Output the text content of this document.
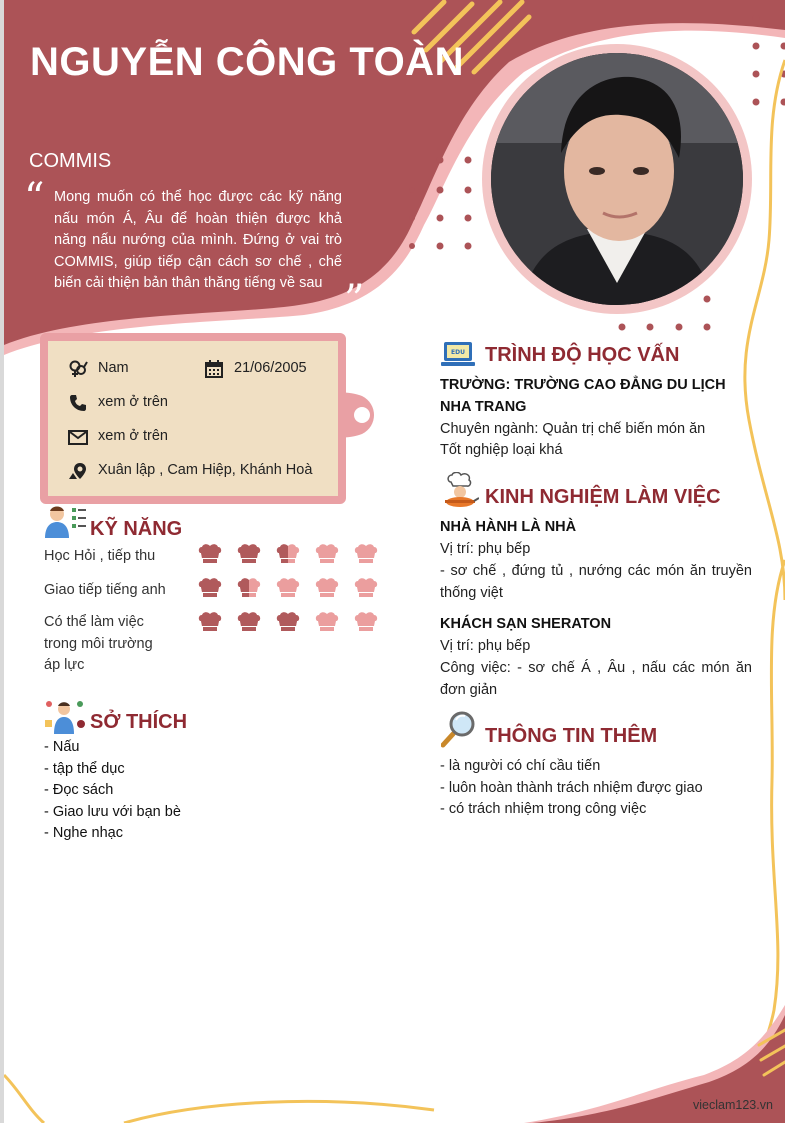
NGUYỄN CÔNG TOÀN
COMMIS
“ Mong muốn có thể học được các kỹ năng nấu món Á, Âu để hoàn thiện được khả năng nấu nướng của mình. Đứng ở vai trò COMMIS, giúp tiếp cận cách sơ chế , chế biến cải thiện bản thân thăng tiếng về sau ”
Nam	21/06/2005
xem ở trên
xem ở trên
Xuân lập , Cam Hiệp, Khánh Hoà
KỸ NĂNG
Học Hỏi , tiếp thu
Giao tiếp tiếng anh
Có thể làm việc trong môi trường áp lực
SỞ THÍCH
- Nấu
- tập thể dục
- Đọc sách
- Giao lưu với bạn bè
- Nghe nhạc
EDU TRÌNH ĐỘ HỌC VẤN
TRƯỜNG: TRƯỜNG CAO ĐẲNG DU LỊCH NHA TRANG
Chuyên ngành: Quản trị chế biến món ăn
Tốt nghiệp loại khá
KINH NGHIỆM LÀM VIỆC
NHÀ HÀNH LÀ NHÀ
Vị trí: phụ bếp
- sơ chế , đứng tủ , nướng các món ăn truyền thống việt
KHÁCH SẠN SHERATON
Vị trí: phụ bếp
Công việc: - sơ chế Á , Âu , nấu các món ăn đơn giản
THÔNG TIN THÊM
- là người có chí cầu tiến
- luôn hoàn thành trách nhiệm được giao
- có trách nhiệm trong công việc
vieclam123.vn
